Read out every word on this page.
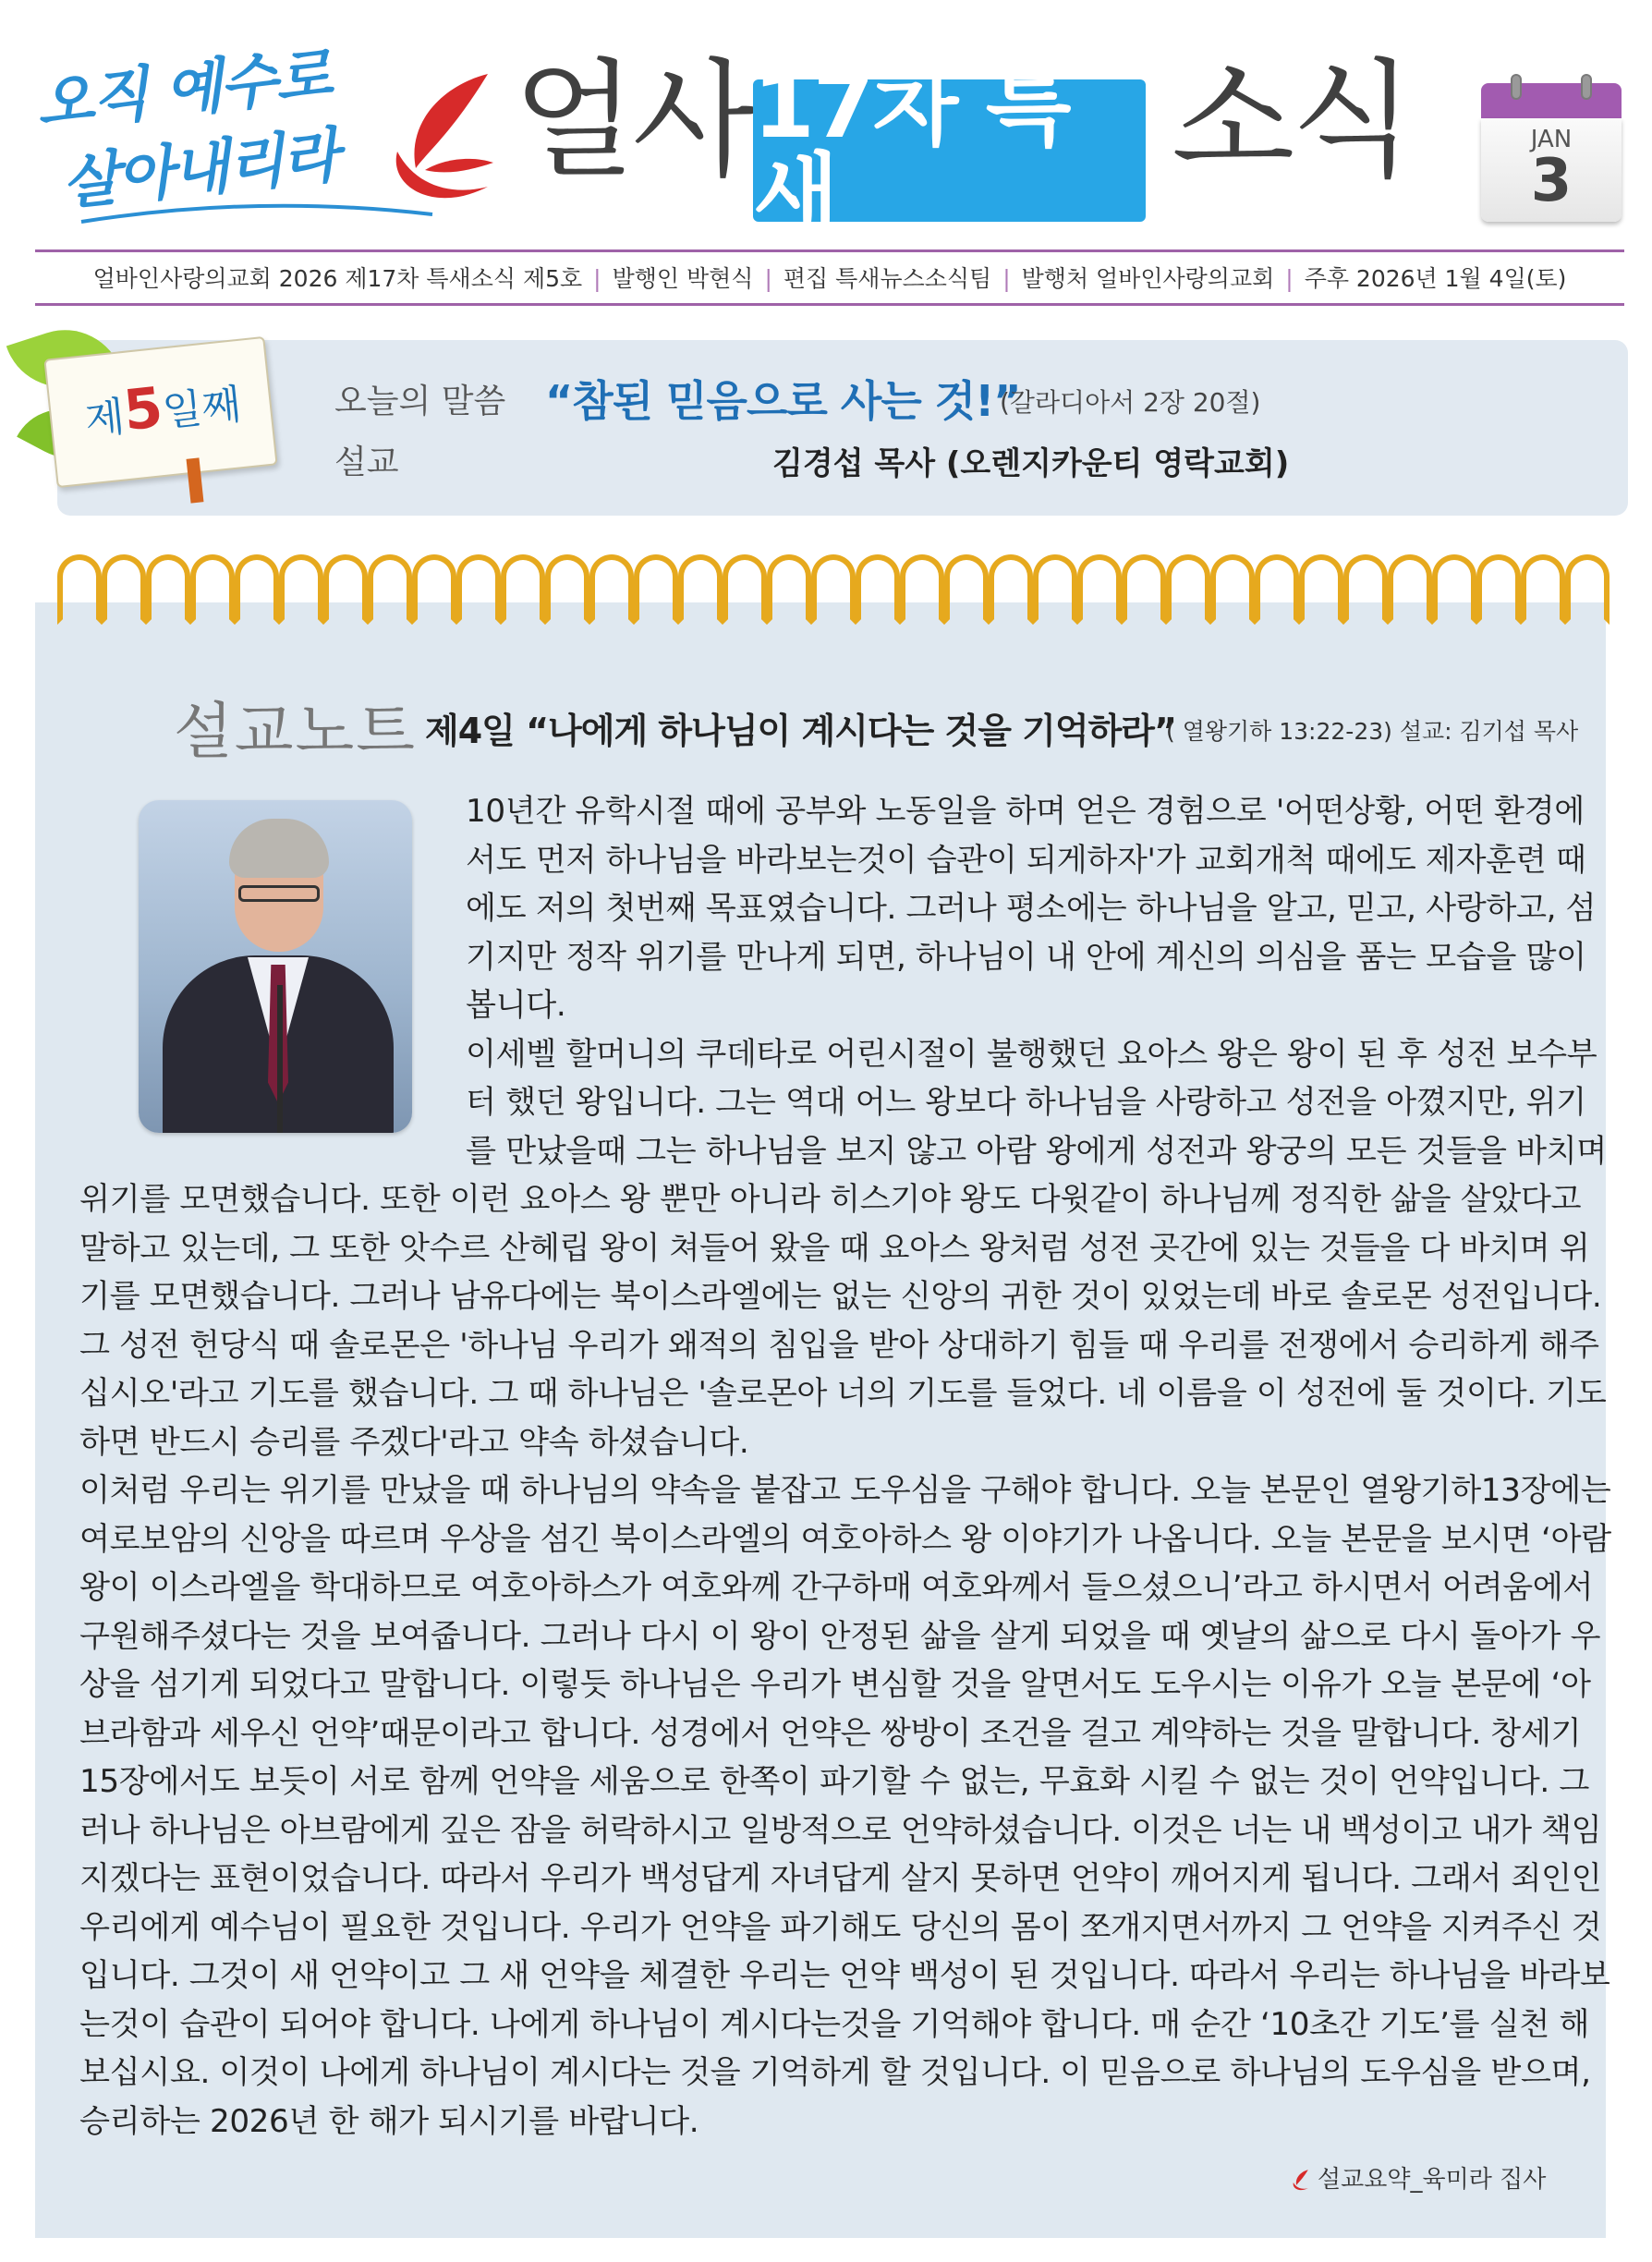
오직 예수로
살아내리라 얼사 17차 특새	소식	JAN
3
얼바인사랑의교회 2026 제17차 특새소식 제5호 | 발행인 박현식 | 편집 특새뉴스소식팀 | 발행처 얼바인사랑의교회 | 주후 2026년 1월 4일(토)
제5일째	오늘의 말씀
설교
“참된 믿음으로 사는 것!”
(갈라디아서 2장 20절)
김경섭 목사 (오렌지카운티 영락교회)
설교노트 제4일 “나에게 하나님이 계시다는 것을 기억하라”
( 열왕기하 13:22-23) 설교: 김기섭 목사

10년간 유학시절 때에 공부와 노동일을 하며 얻은 경험으로 '어떤상황, 어떤 환경에서도 먼저 하나님을 바라보는것이 습관이 되게하자'가 교회개척 때에도 제자훈련 때에도 저의 첫번째 목표였습니다. 그러나 평소에는 하나님을 알고, 믿고, 사랑하고, 섬기지만 정작 위기를 만나게 되면, 하나님이 내 안에 계신의 의심을 품는 모습을 많이 봅니다.

이세벨 할머니의 쿠데타로 어린시절이 불행했던 요아스 왕은 왕이 된 후 성전 보수부터 했던 왕입니다. 그는 역대 어느 왕보다 하나님을 사랑하고 성전을 아꼈지만, 위기를 만났을때 그는 하나님을 보지 않고 아람 왕에게 성전과 왕궁의 모든 것들을 바치며 위기를 모면했습니다. 또한 이런 요아스 왕 뿐만 아니라 히스기야 왕도 다윗같이 하나님께 정직한 삶을 살았다고 말하고 있는데, 그 또한 앗수르 산헤립 왕이 쳐들어 왔을 때 요아스 왕처럼 성전 곳간에 있는 것들을 다 바치며 위기를 모면했습니다. 그러나 남유다에는 북이스라엘에는 없는 신앙의 귀한 것이 있었는데 바로 솔로몬 성전입니다. 그 성전 헌당식 때 솔로몬은 '하나님 우리가 왜적의 침입을 받아 상대하기 힘들 때 우리를 전쟁에서 승리하게 해주십시오'라고 기도를 했습니다. 그 때 하나님은 '솔로몬아 너의 기도를 들었다. 네 이름을 이 성전에 둘 것이다. 기도하면 반드시 승리를 주겠다'라고 약속 하셨습니다.

이처럼 우리는 위기를 만났을 때 하나님의 약속을 붙잡고 도우심을 구해야 합니다. 오늘 본문인 열왕기하13장에는 여로보암의 신앙을 따르며 우상을 섬긴 북이스라엘의 여호아하스 왕 이야기가 나옵니다. 오늘 본문을 보시면 ‘아람 왕이 이스라엘을 학대하므로 여호아하스가 여호와께 간구하매 여호와께서 들으셨으니’라고 하시면서 어려움에서 구원해주셨다는 것을 보여줍니다. 그러나 다시 이 왕이 안정된 삶을 살게 되었을 때 옛날의 삶으로 다시 돌아가 우상을 섬기게 되었다고 말합니다. 이렇듯 하나님은 우리가 변심할 것을 알면서도 도우시는 이유가 오늘 본문에 ‘아브라함과 세우신 언약’때문이라고 합니다. 성경에서 언약은 쌍방이 조건을 걸고 계약하는 것을 말합니다. 창세기 15장에서도 보듯이 서로 함께 언약을 세움으로 한쪽이 파기할 수 없는, 무효화 시킬 수 없는 것이 언약입니다. 그러나 하나님은 아브람에게 깊은 잠을 허락하시고 일방적으로 언약하셨습니다. 이것은 너는 내 백성이고 내가 책임지겠다는 표현이었습니다. 따라서 우리가 백성답게 자녀답게 살지 못하면 언약이 깨어지게 됩니다. 그래서 죄인인 우리에게 예수님이 필요한 것입니다. 우리가 언약을 파기해도 당신의 몸이 쪼개지면서까지 그 언약을 지켜주신 것입니다. 그것이 새 언약이고 그 새 언약을 체결한 우리는 언약 백성이 된 것입니다. 따라서 우리는 하나님을 바라보는것이 습관이 되어야 합니다. 나에게 하나님이 계시다는것을 기억해야 합니다. 매 순간 ‘10초간 기도’를 실천 해 보십시요. 이것이 나에게 하나님이 계시다는 것을 기억하게 할 것입니다. 이 믿음으로 하나님의 도우심을 받으며, 승리하는 2026년 한 해가 되시기를 바랍니다.

설교요약_육미라 집사
